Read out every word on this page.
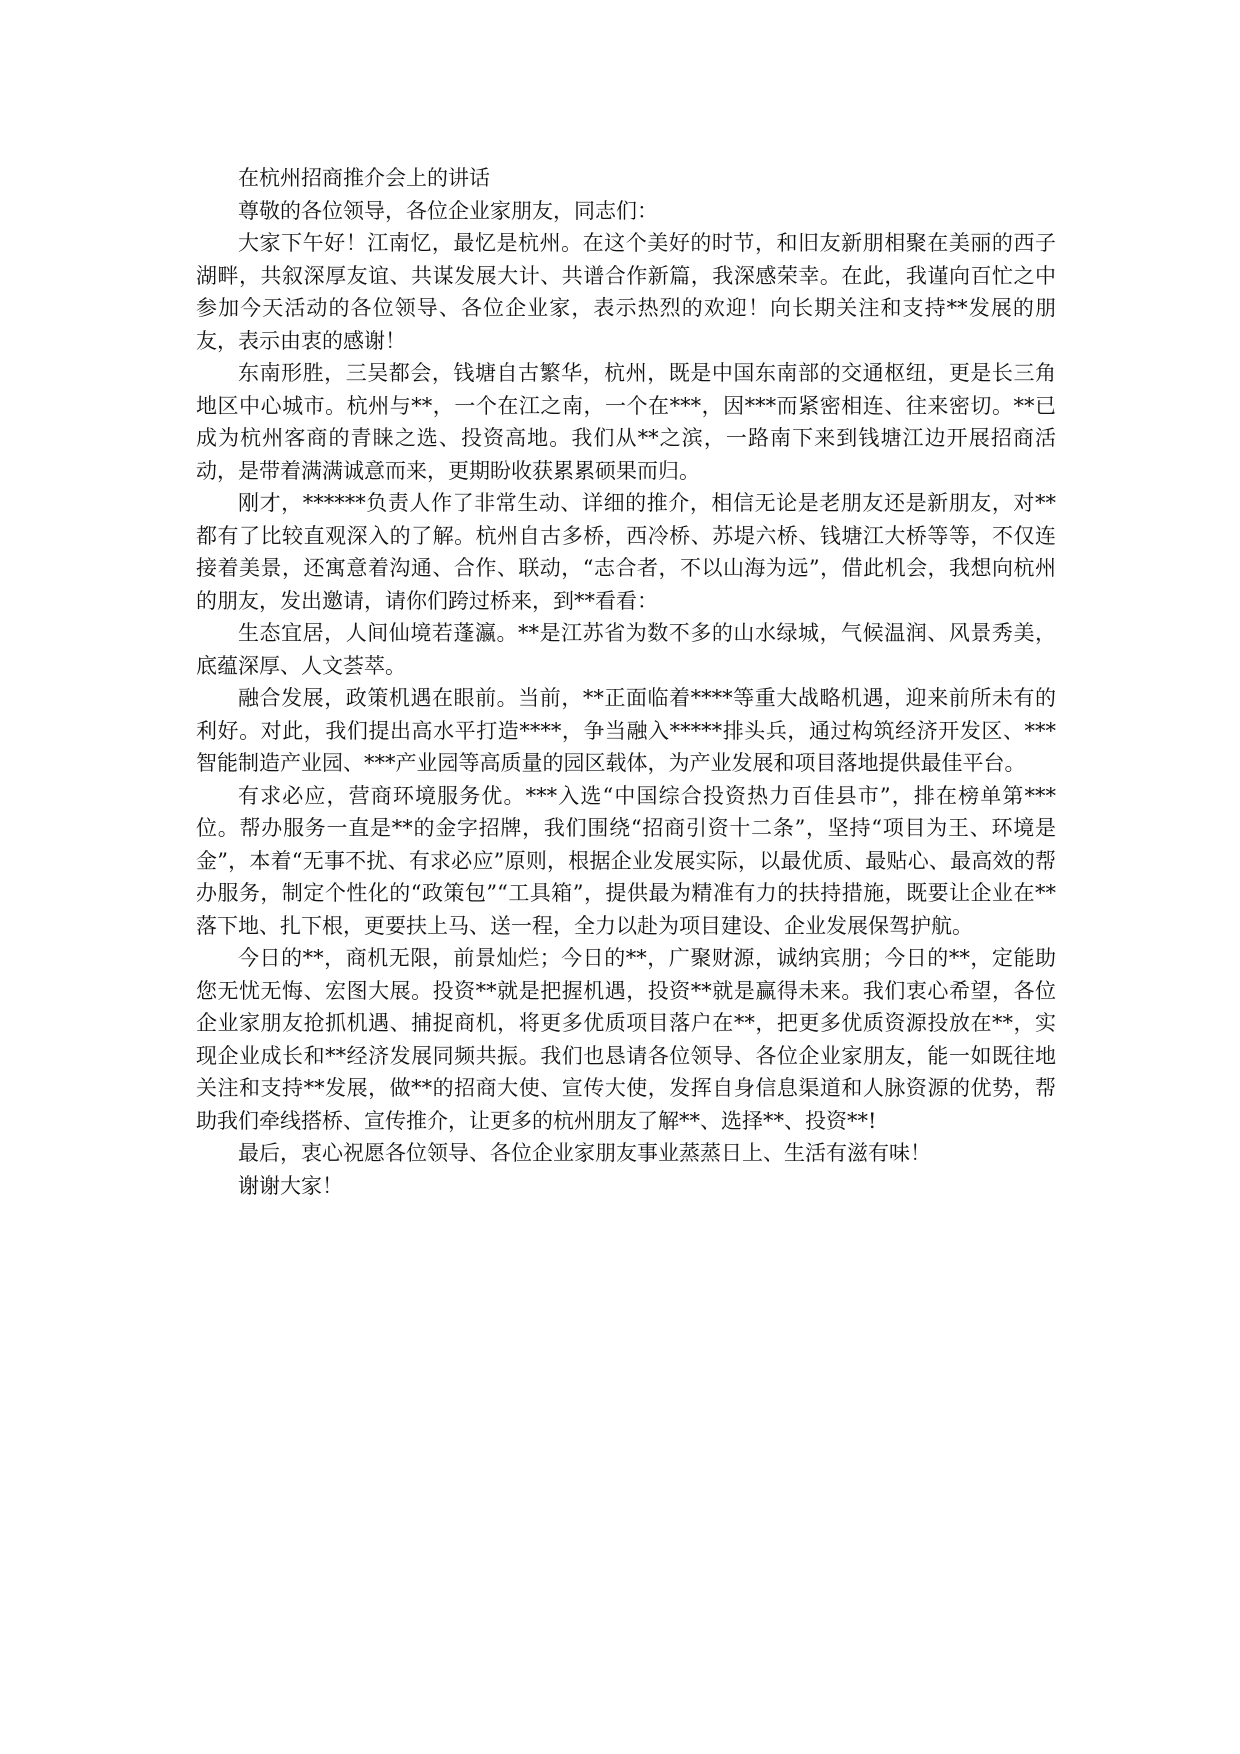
在杭州招商推介会上的讲话

尊敬的各位领导，各位企业家朋友，同志们：

大家下午好！江南忆，最忆是杭州。在这个美好的时节，和旧友新朋相聚在美丽的西子湖畔，共叙深厚友谊、共谋发展大计、共谱合作新篇，我深感荣幸。在此，我谨向百忙之中参加今天活动的各位领导、各位企业家，表示热烈的欢迎！向长期关注和支持**发展的朋友，表示由衷的感谢！

东南形胜，三吴都会，钱塘自古繁华，杭州，既是中国东南部的交通枢纽，更是长三角地区中心城市。杭州与**，一个在江之南，一个在***，因***而紧密相连、往来密切。**已成为杭州客商的青睐之选、投资高地。我们从**之滨，一路南下来到钱塘江边开展招商活动，是带着满满诚意而来，更期盼收获累累硕果而归。

刚才，******负责人作了非常生动、详细的推介，相信无论是老朋友还是新朋友，对**都有了比较直观深入的了解。杭州自古多桥，西冷桥、苏堤六桥、钱塘江大桥等等，不仅连接着美景，还寓意着沟通、合作、联动，“志合者，不以山海为远”，借此机会，我想向杭州的朋友，发出邀请，请你们跨过桥来，到**看看：

生态宜居，人间仙境若蓬瀛。**是江苏省为数不多的山水绿城，气候温润、风景秀美，底蕴深厚、人文荟萃。

融合发展，政策机遇在眼前。当前，**正面临着****等重大战略机遇，迎来前所未有的利好。对此，我们提出高水平打造****，争当融入*****排头兵，通过构筑经济开发区、***智能制造产业园、***产业园等高质量的园区载体，为产业发展和项目落地提供最佳平台。

有求必应，营商环境服务优。***入选“中国综合投资热力百佳县市”，排在榜单第***位。帮办服务一直是**的金字招牌，我们围绕“招商引资十二条”，坚持“项目为王、环境是金”，本着“无事不扰、有求必应”原则，根据企业发展实际，以最优质、最贴心、最高效的帮办服务，制定个性化的“政策包”“工具箱”，提供最为精准有力的扶持措施，既要让企业在**落下地、扎下根，更要扶上马、送一程，全力以赴为项目建设、企业发展保驾护航。

今日的**，商机无限，前景灿烂；今日的**，广聚财源，诚纳宾朋；今日的**，定能助您无忧无悔、宏图大展。投资**就是把握机遇，投资**就是赢得未来。我们衷心希望，各位企业家朋友抢抓机遇、捕捉商机，将更多优质项目落户在**，把更多优质资源投放在**，实现企业成长和**经济发展同频共振。我们也恳请各位领导、各位企业家朋友，能一如既往地关注和支持**发展，做**的招商大使、宣传大使，发挥自身信息渠道和人脉资源的优势，帮助我们牵线搭桥、宣传推介，让更多的杭州朋友了解**、选择**、投资**!

最后，衷心祝愿各位领导、各位企业家朋友事业蒸蒸日上、生活有滋有味！

谢谢大家！
